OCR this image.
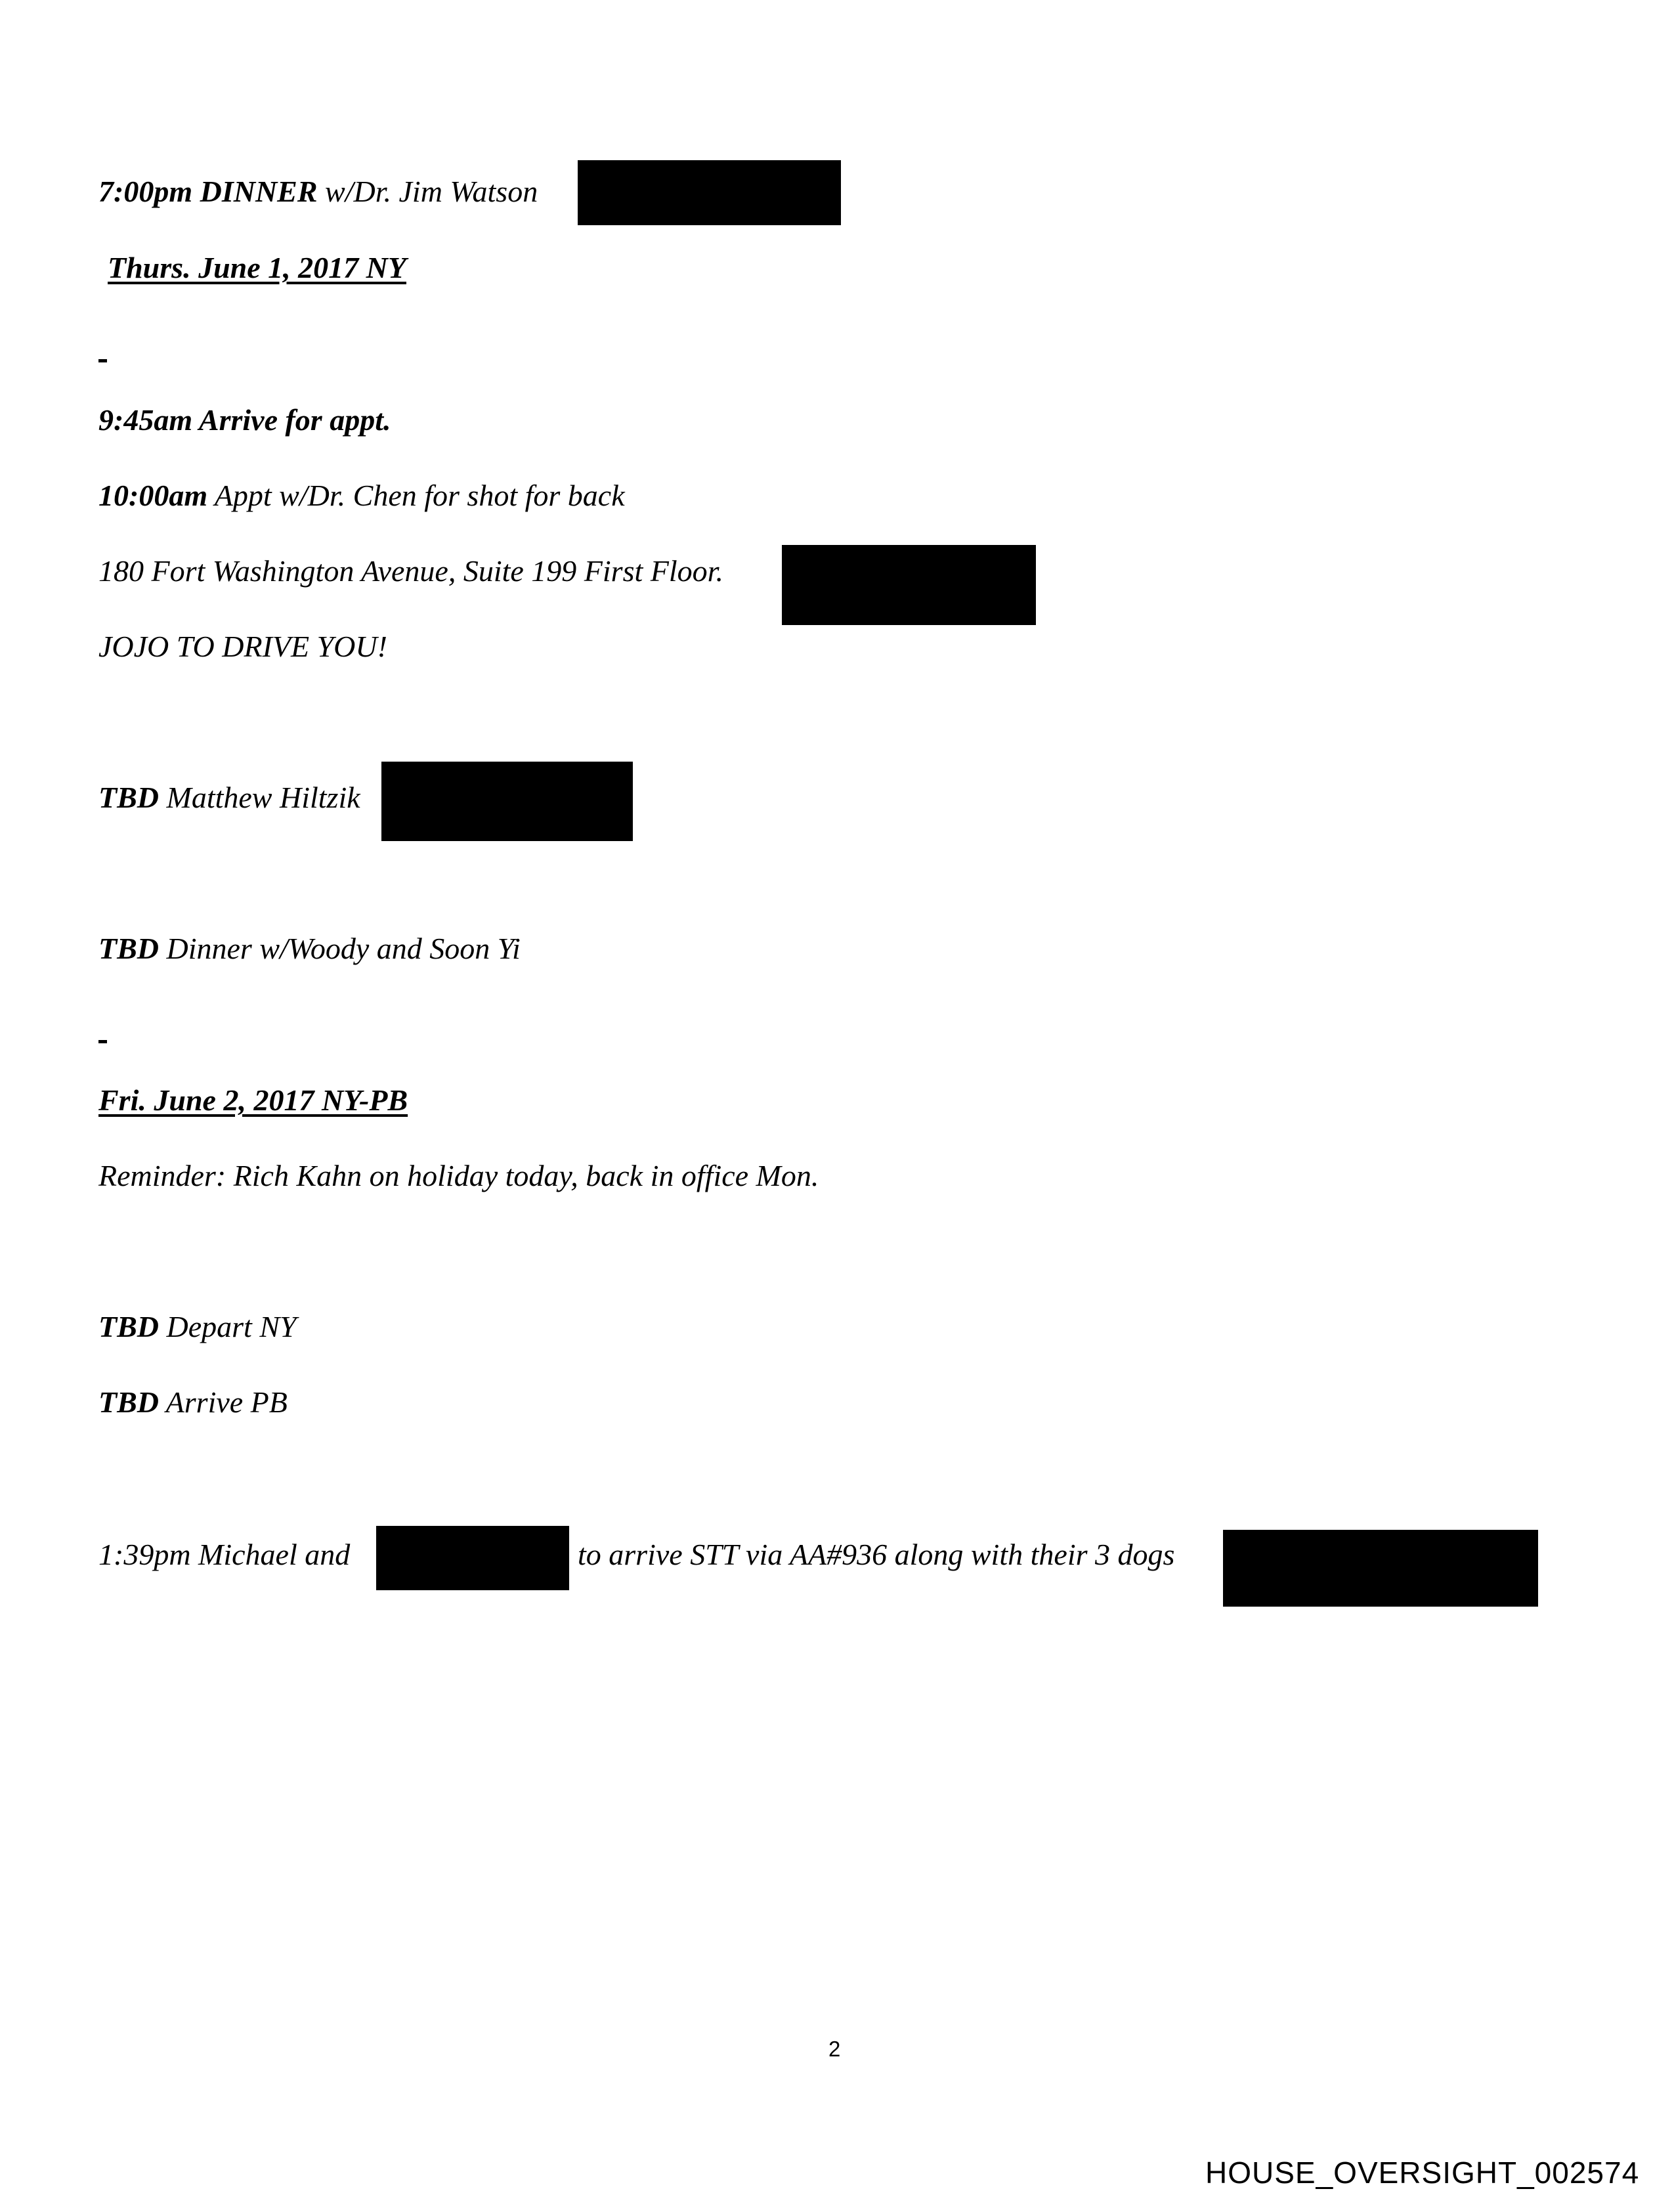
7:00pm DINNER w/Dr. Jim Watson
Thurs. June 1, 2017 NY
9:45am Arrive for appt.
10:00am Appt w/Dr. Chen for shot for back
180 Fort Washington Avenue, Suite 199 First Floor.
JOJO TO DRIVE YOU!
TBD Matthew Hiltzik
TBD Dinner w/Woody and Soon Yi
Fri. June 2, 2017 NY-PB
Reminder: Rich Kahn on holiday today, back in office Mon.
TBD Depart NY
TBD Arrive PB
1:39pm Michael and	to arrive STT via AA#936 along with their 3 dogs
2
HOUSE_OVERSIGHT_002574
